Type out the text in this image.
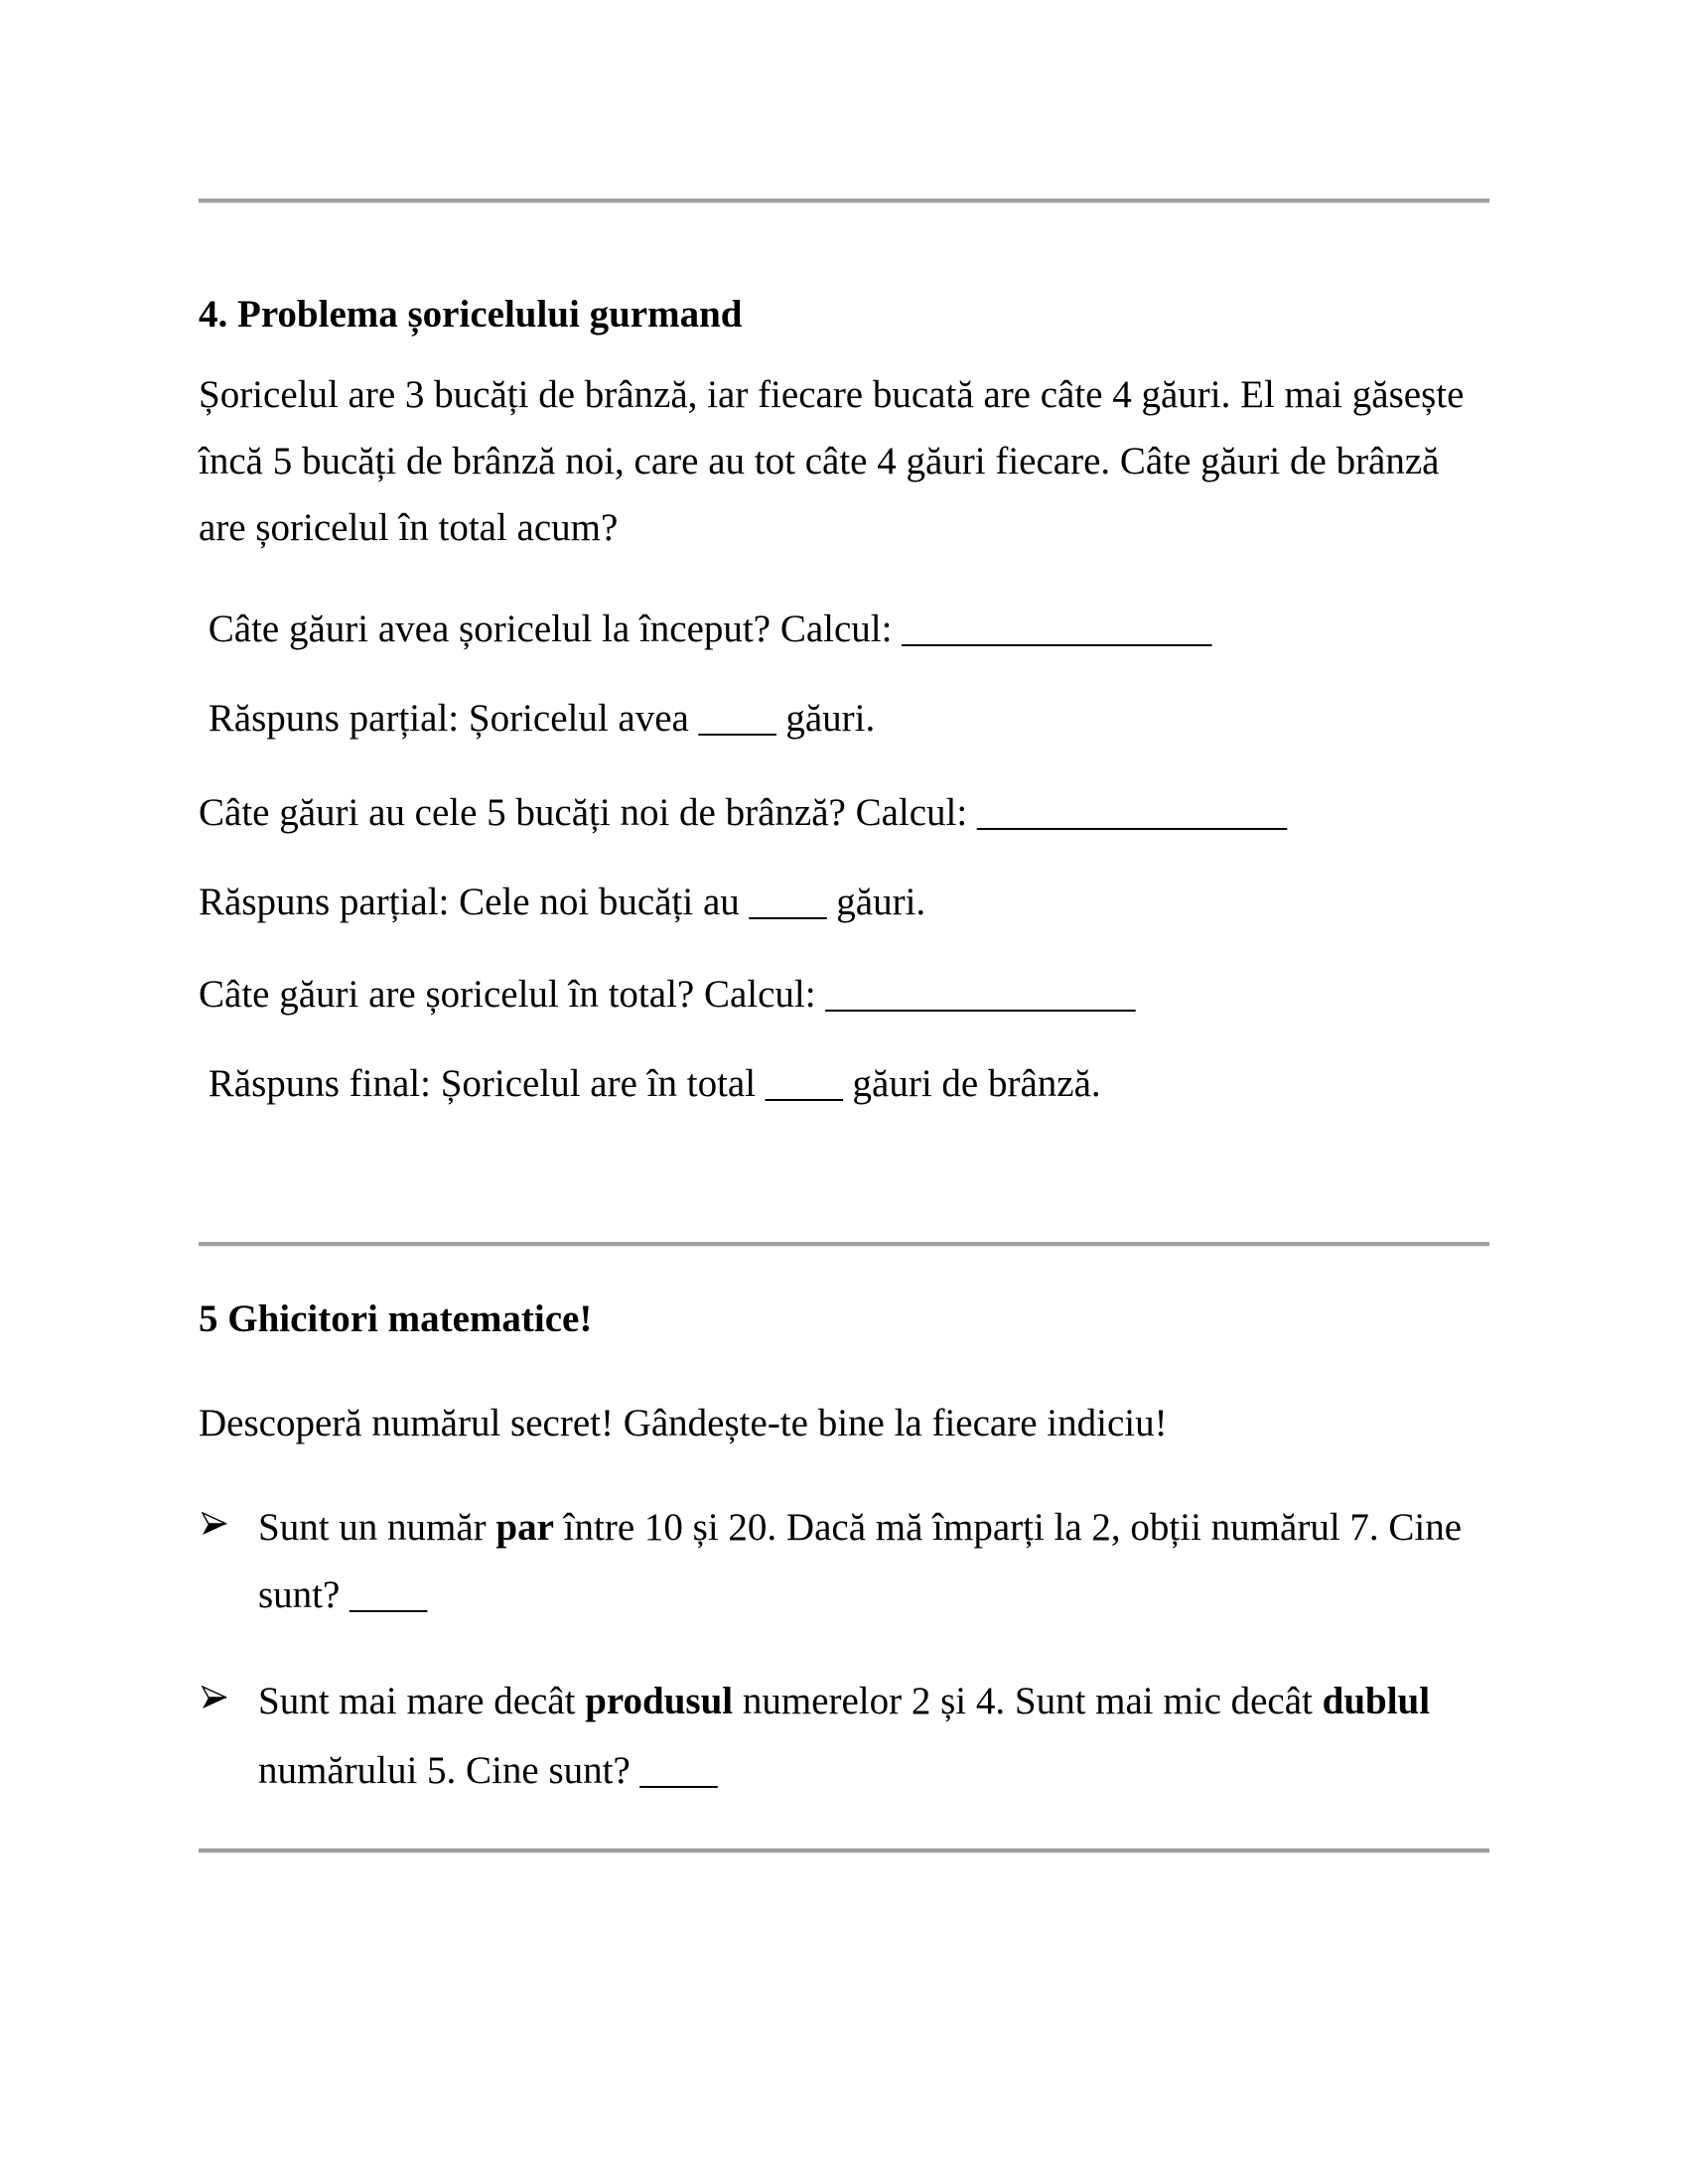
4. Problema șoricelului gurmand

Șoricelul are 3 bucăți de brânză, iar fiecare bucată are câte 4 găuri. El mai găsește

încă 5 bucăți de brânză noi, care au tot câte 4 găuri fiecare. Câte găuri de brânză

are șoricelul în total acum?

Câte găuri avea șoricelul la început? Calcul: ________________

Răspuns parțial: Șoricelul avea ____ găuri.

Câte găuri au cele 5 bucăți noi de brânză? Calcul: ________________

Răspuns parțial: Cele noi bucăți au ____ găuri.

Câte găuri are șoricelul în total? Calcul: ________________

Răspuns final: Șoricelul are în total ____ găuri de brânză.

5 Ghicitori matematice!

Descoperă numărul secret! Gândește-te bine la fiecare indiciu!

Sunt un număr par între 10 și 20. Dacă mă împarți la 2, obții numărul 7. Cine

sunt? ____

Sunt mai mare decât produsul numerelor 2 și 4. Sunt mai mic decât dublul

numărului 5. Cine sunt? ____
